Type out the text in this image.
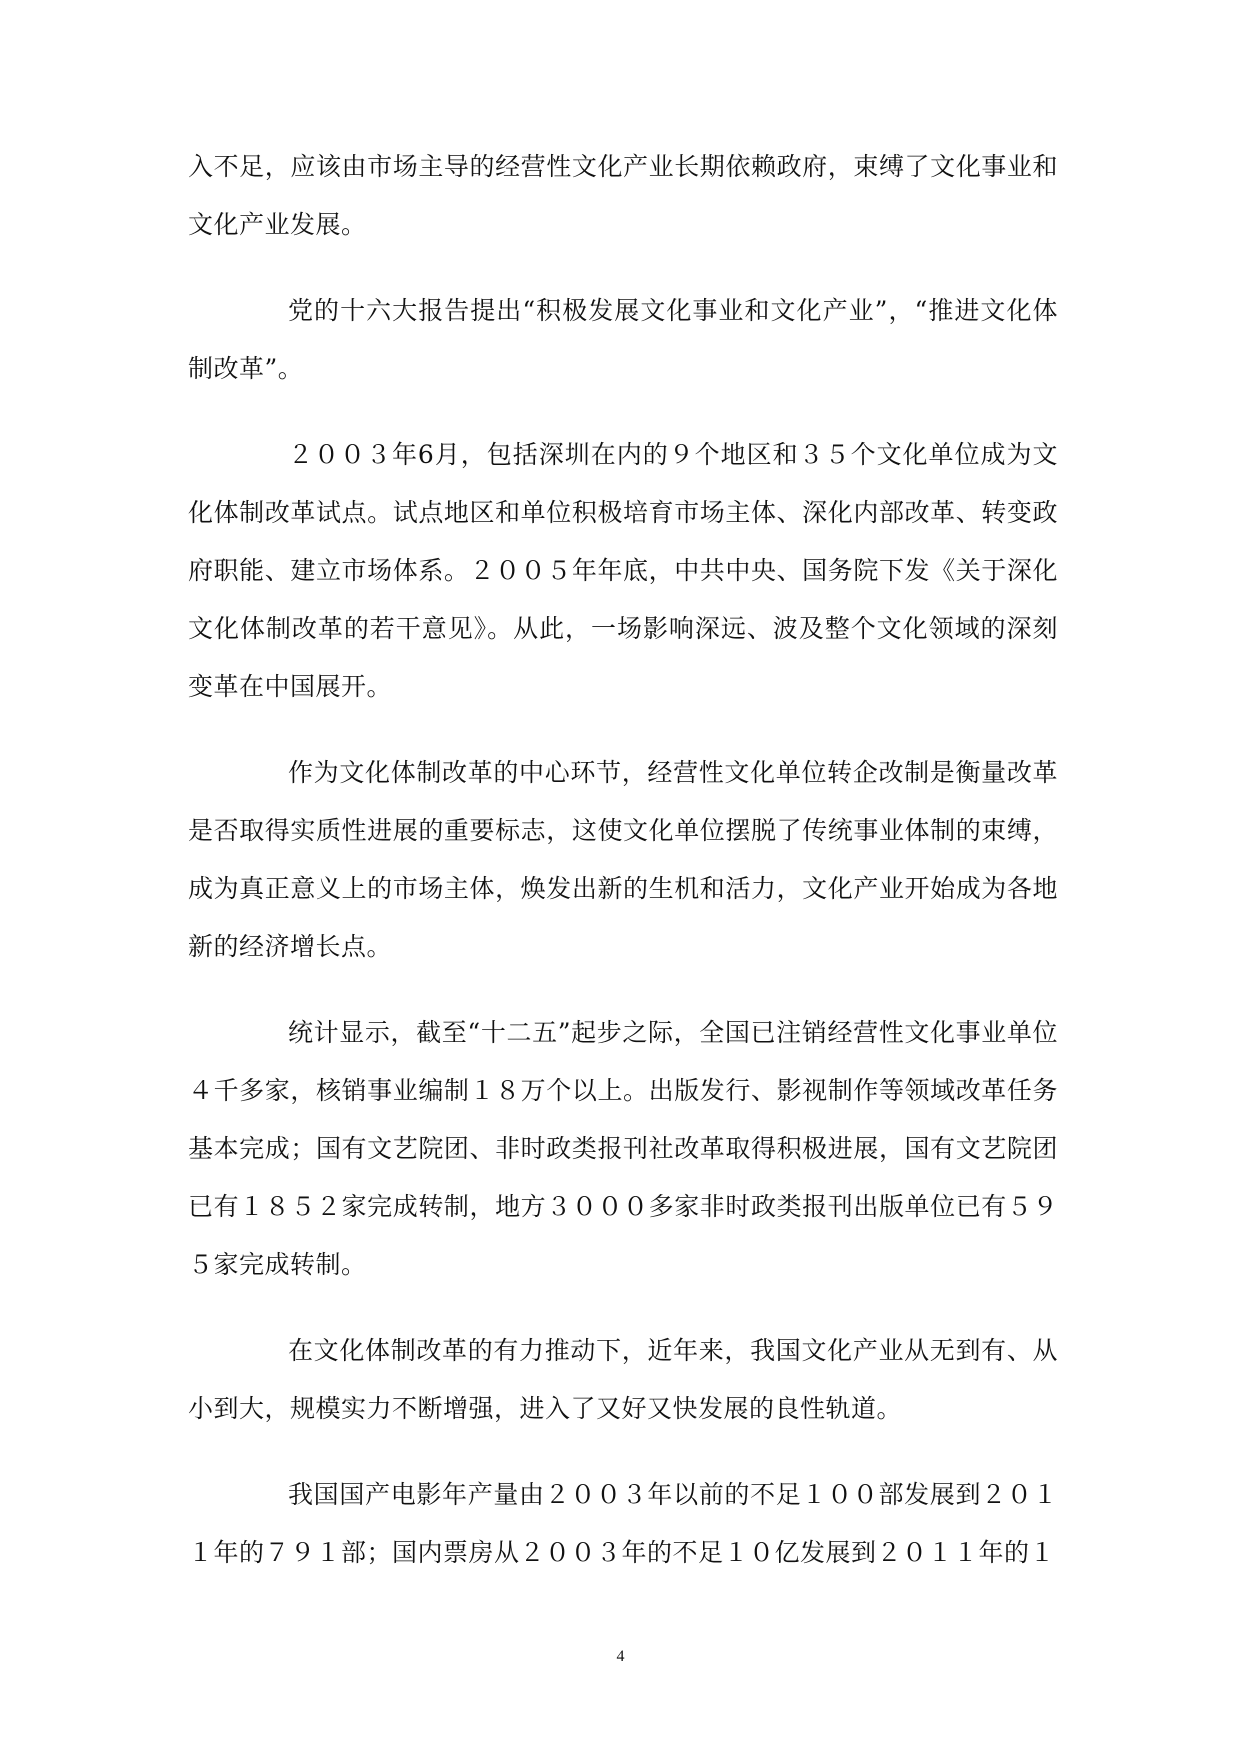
入不足，应该由市场主导的经营性文化产业长期依赖政府，束缚了文化事业和文化产业发展。

党的十六大报告提出“积极发展文化事业和文化产业”，“推进文化体制改革”。

２００３年6月，包括深圳在内的９个地区和３５个文化单位成为文化体制改革试点。试点地区和单位积极培育市场主体、深化内部改革、转变政府职能、建立市场体系。２００５年年底，中共中央、国务院下发《关于深化文化体制改革的若干意见》。从此，一场影响深远、波及整个文化领域的深刻变革在中国展开。

作为文化体制改革的中心环节，经营性文化单位转企改制是衡量改革是否取得实质性进展的重要标志，这使文化单位摆脱了传统事业体制的束缚，成为真正意义上的市场主体，焕发出新的生机和活力，文化产业开始成为各地新的经济增长点。

统计显示，截至“十二五”起步之际，全国已注销经营性文化事业单位４千多家，核销事业编制１８万个以上。出版发行、影视制作等领域改革任务基本完成；国有文艺院团、非时政类报刊社改革取得积极进展，国有文艺院团已有１８５２家完成转制，地方３０００多家非时政类报刊出版单位已有５９５家完成转制。

在文化体制改革的有力推动下，近年来，我国文化产业从无到有、从小到大，规模实力不断增强，进入了又好又快发展的良性轨道。

我国国产电影年产量由２００３年以前的不足１００部发展到２０１１年的７９１部；国内票房从２００３年的不足１０亿发展到２０１１年的１

4
